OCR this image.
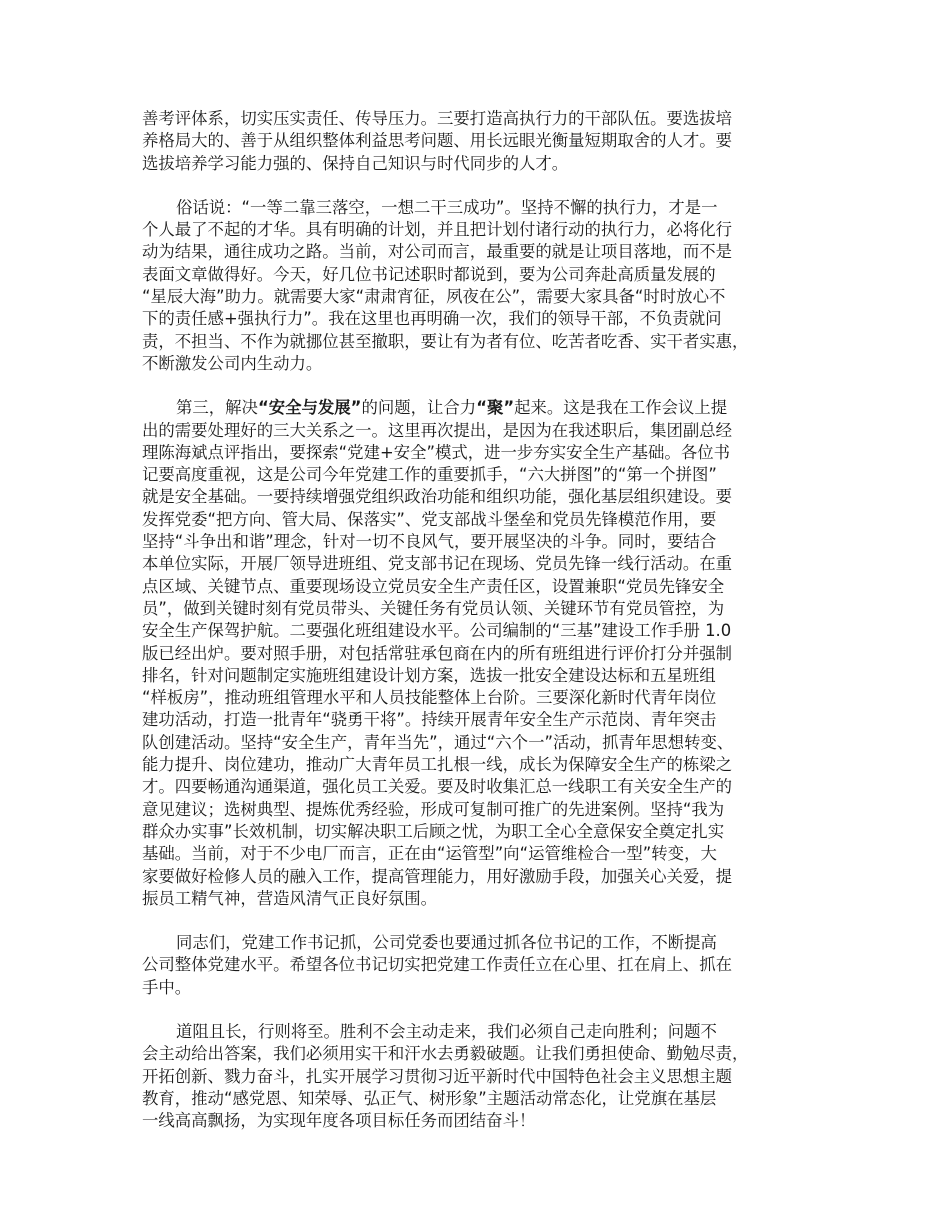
善考评体系，切实压实责任、传导压力。三要打造高执行力的干部队伍。要选拔培
养格局大的、善于从组织整体利益思考问题、用长远眼光衡量短期取舍的人才。要
选拔培养学习能力强的、保持自己知识与时代同步的人才。
俗话说：“一等二靠三落空，一想二干三成功”。坚持不懈的执行力，才是一
个人最了不起的才华。具有明确的计划，并且把计划付诸行动的执行力，必将化行
动为结果，通往成功之路。当前，对公司而言，最重要的就是让项目落地，而不是
表面文章做得好。今天，好几位书记述职时都说到，要为公司奔赴高质量发展的
“星辰大海”助力。就需要大家“肃肃宵征，夙夜在公”，需要大家具备“时时放心不
下的责任感+强执行力”。我在这里也再明确一次，我们的领导干部，不负责就问
责，不担当、不作为就挪位甚至撤职，要让有为者有位、吃苦者吃香、实干者实惠，
不断激发公司内生动力。
第三，解决“安全与发展”的问题，让合力“聚”起来。这是我在工作会议上提
出的需要处理好的三大关系之一。这里再次提出，是因为在我述职后，集团副总经
理陈海斌点评指出，要探索“党建+安全”模式，进一步夯实安全生产基础。各位书
记要高度重视，这是公司今年党建工作的重要抓手，“六大拼图”的“第一个拼图”
就是安全基础。一要持续增强党组织政治功能和组织功能，强化基层组织建设。要
发挥党委“把方向、管大局、保落实”、党支部战斗堡垒和党员先锋模范作用，要
坚持“斗争出和谐”理念，针对一切不良风气，要开展坚决的斗争。同时，要结合
本单位实际，开展厂领导进班组、党支部书记在现场、党员先锋一线行活动。在重
点区域、关键节点、重要现场设立党员安全生产责任区，设置兼职“党员先锋安全
员”，做到关键时刻有党员带头、关键任务有党员认领、关键环节有党员管控，为
安全生产保驾护航。二要强化班组建设水平。公司编制的“三基”建设工作手册 1.0
版已经出炉。要对照手册，对包括常驻承包商在内的所有班组进行评价打分并强制
排名，针对问题制定实施班组建设计划方案，选拔一批安全建设达标和五星班组
“样板房”，推动班组管理水平和人员技能整体上台阶。三要深化新时代青年岗位
建功活动，打造一批青年“骁勇干将”。持续开展青年安全生产示范岗、青年突击
队创建活动。坚持“安全生产，青年当先”，通过“六个一”活动，抓青年思想转变、
能力提升、岗位建功，推动广大青年员工扎根一线，成长为保障安全生产的栋梁之
才。四要畅通沟通渠道，强化员工关爱。要及时收集汇总一线职工有关安全生产的
意见建议；选树典型、提炼优秀经验，形成可复制可推广的先进案例。坚持“我为
群众办实事”长效机制，切实解决职工后顾之忧，为职工全心全意保安全奠定扎实
基础。当前，对于不少电厂而言，正在由“运管型”向“运管维检合一型”转变，大
家要做好检修人员的融入工作，提高管理能力，用好激励手段，加强关心关爱，提
振员工精气神，营造风清气正良好氛围。
同志们，党建工作书记抓，公司党委也要通过抓各位书记的工作，不断提高
公司整体党建水平。希望各位书记切实把党建工作责任立在心里、扛在肩上、抓在
手中。
道阻且长，行则将至。胜利不会主动走来，我们必须自己走向胜利；问题不
会主动给出答案，我们必须用实干和汗水去勇毅破题。让我们勇担使命、勤勉尽责，
开拓创新、戮力奋斗，扎实开展学习贯彻习近平新时代中国特色社会主义思想主题
教育，推动“感党恩、知荣辱、弘正气、树形象”主题活动常态化，让党旗在基层
一线高高飘扬，为实现年度各项目标任务而团结奋斗！
